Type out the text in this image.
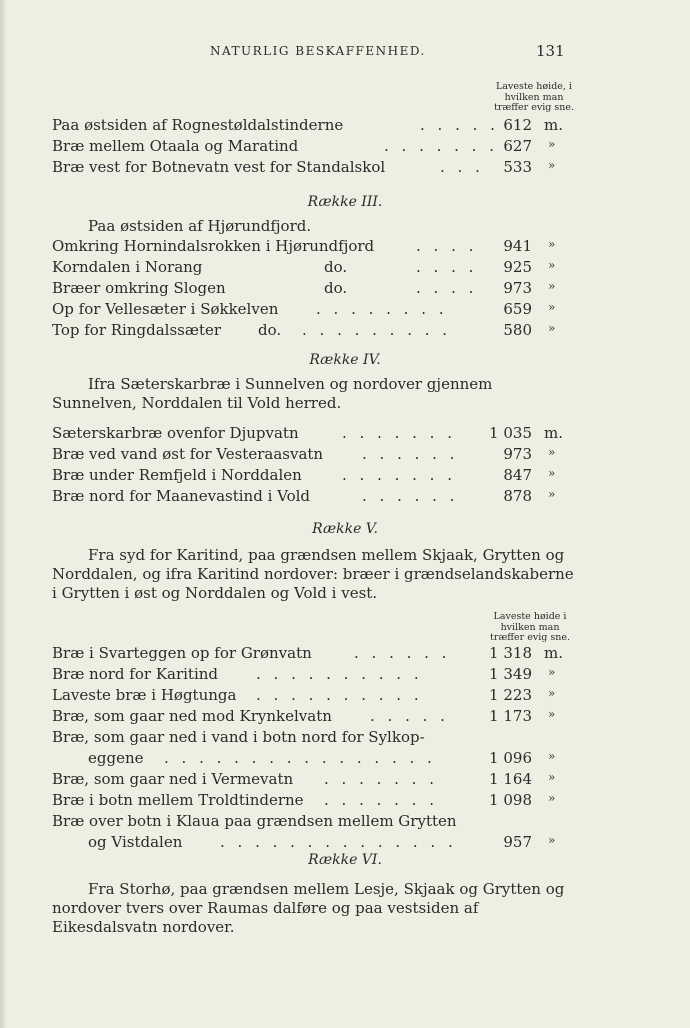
NATURLIG BESKAFFENHED.	131
Laveste høide, i
hvilken man
træffer evig sne.
Paa østsiden af Rognestøldalstinderne	. . . . . 612 m.
Bræ mellem Otaala og Maratind	. . . . . . . 627 »
Bræ vest for Botnevatn vest for Standalskol	. . . 533 »
Række III.
Paa østsiden af Hjørundfjord.
Omkring Hornindalsrokken i Hjørundfjord	. . . . 941 »
Korndalen i Norang	do.	. . . . 925 »
Bræer omkring Slogen	do.	. . . . 973 »
Op for Vellesæter i Søkkelven	. . . . . . . .	659 »
Top for Ringdalssæter do. . . . . . . . . .	580 »
Række IV.
Ifra Sæterskarbræ i Sunnelven og nordover gjennem Sunnelven, Norddalen til Vold herred.
Sæterskarbræ ovenfor Djupvatn	. . . . . . . 1 035 m.
Bræ ved vand øst for Vesteraasvatn	. . . . . .	973 »
Bræ under Remfjeld i Norddalen	. . . . . . .	847 »
Bræ nord for Maanevastind i Vold	. . . . . .	878 »
Række V.
Fra syd for Karitind, paa grændsen mellem Skjaak, Grytten og Norddalen, og ifra Karitind nordover: bræer i grændselandskaberne i Grytten i øst og Norddalen og Vold i vest.
Laveste høide i
hvilken man
træffer evig sne.
Bræ i Svarteggen op for Grønvatn	. . . . . .	1 318 m.
Bræ nord for Karitind	. . . . . . . . . .	1 349 »
Laveste bræ i Høgtunga . . . . . . . . . .	1 223 »
Bræ, som gaar ned mod Krynkelvatn	. . . . .	1 173 »
Bræ, som gaar ned i vand i botn nord for Sylkop-
eggene . . . . . . . . . . . . . . . .	1 096 »
Bræ, som gaar ned i Vermevatn . . . . . . .	1 164 »
Bræ i botn mellem Troldtinderne . . . . . . .	1 098 »
Bræ over botn i Klaua paa grændsen mellem Grytten
og Vistdalen	. . . . . . . . . . . . . .	957 »
Række VI.
Fra Storhø, paa grændsen mellem Lesje, Skjaak og Grytten og nordover tvers over Raumas dalføre og paa vestsiden af Eikesdalsvatn nordover.
